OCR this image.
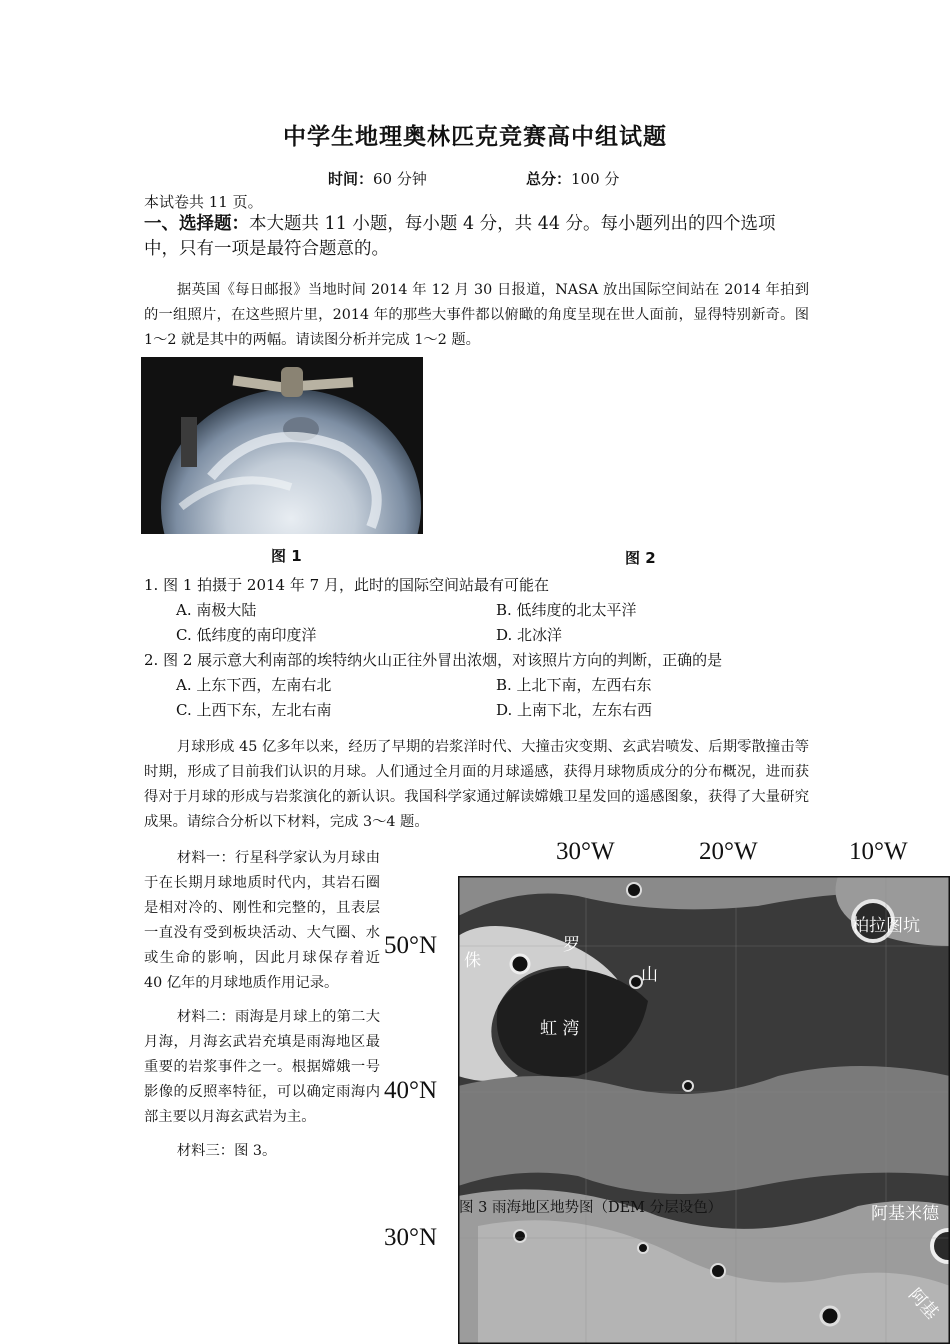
中学生地理奥林匹克竞赛高中组试题
时间：60 分钟	总分：100 分
本试卷共 11 页。
一、选择题：本大题共 11 小题，每小题 4 分，共 44 分。每小题列出的四个选项中，只有一项是最符合题意的。
据英国《每日邮报》当地时间 2014 年 12 月 30 日报道，NASA 放出国际空间站在 2014 年拍到的一组照片，在这些照片里，2014 年的那些大事件都以俯瞰的角度呈现在世人面前，显得特别新奇。图 1～2 就是其中的两幅。请读图分析并完成 1～2 题。
图 1	图 2
1. 图 1 拍摄于 2014 年 7 月，此时的国际空间站最有可能在
A. 南极大陆	B. 低纬度的北太平洋
C. 低纬度的南印度洋	D. 北冰洋
2. 图 2 展示意大利南部的埃特纳火山正往外冒出浓烟，对该照片方向的判断，正确的是
A. 上东下西，左南右北	B. 上北下南，左西右东
C. 上西下东，左北右南	D. 上南下北，左东右西
月球形成 45 亿多年以来，经历了早期的岩浆洋时代、大撞击灾变期、玄武岩喷发、后期零散撞击等时期，形成了目前我们认识的月球。人们通过全月面的月球遥感，获得月球物质成分的分布概况，进而获得对于月球的形成与岩浆演化的新认识。我国科学家通过解读嫦娥卫星发回的遥感图象，获得了大量研究成果。请综合分析以下材料，完成 3～4 题。

材料一：行星科学家认为月球由于在长期月球地质时代内，其岩石圈是相对冷的、刚性和完整的，且表层一直没有受到板块活动、大气圈、水或生命的影响，因此月球保存着近 40 亿年的月球地质作用记录。

材料二：雨海是月球上的第二大月海，月海玄武岩充填是雨海地区最重要的岩浆事件之一。根据嫦娥一号影像的反照率特征，可以确定雨海内部主要以月海玄武岩为主。

材料三：图 3。

30°W	20°W	10°W
50°N
40°N
30°N
侏
罗
山
虹 湾
柏拉图坑
阿基米德
阿基
图 3 雨海地区地势图（DEM 分层设色）
